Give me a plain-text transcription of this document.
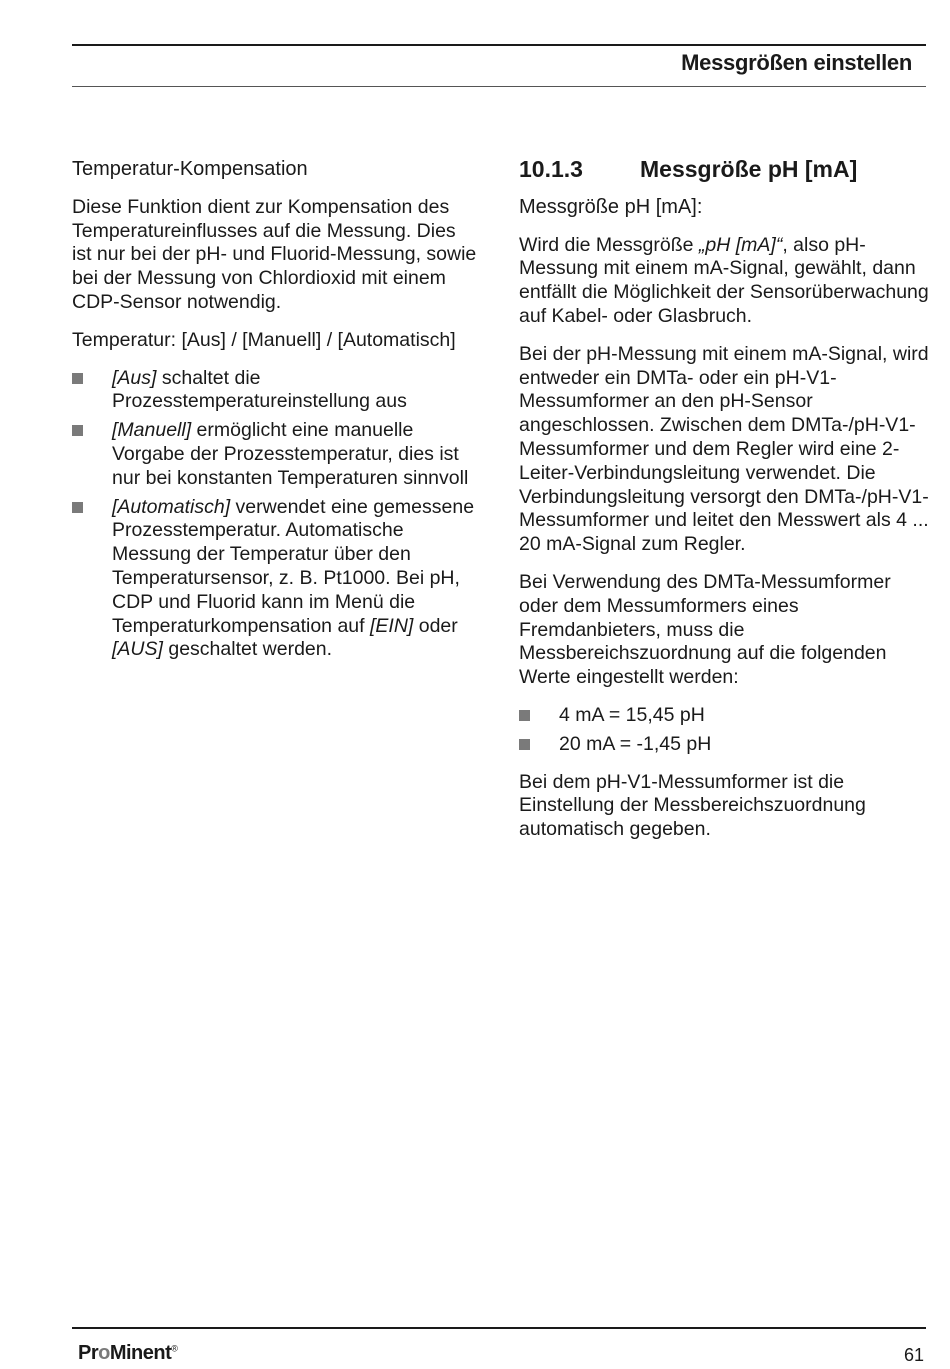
Messgrößen einstellen
Temperatur-Kompensation

Diese Funktion dient zur Kompensation des Temperatureinflusses auf die Messung. Dies ist nur bei der pH- und Fluorid-Messung, sowie bei der Messung von Chlordioxid mit einem CDP-Sensor notwendig.

Temperatur: [Aus] / [Manuell] / [Automatisch]

[Aus] schaltet die Prozesstemperatureinstellung aus
[Manuell] ermöglicht eine manuelle Vorgabe der Prozesstemperatur, dies ist nur bei konstanten Temperaturen sinnvoll
[Automatisch] verwendet eine gemessene Prozesstemperatur. Automatische Messung der Temperatur über den Temperatursensor, z. B. Pt1000. Bei pH, CDP und Fluorid kann im Menü die Temperaturkompensation auf [EIN] oder [AUS] geschaltet werden.
10.1.3	Messgröße pH [mA]
Messgröße pH [mA]:

Wird die Messgröße „pH [mA]“, also pH-Messung mit einem mA-Signal, gewählt, dann entfällt die Möglichkeit der Sensorüberwachung auf Kabel- oder Glasbruch.

Bei der pH-Messung mit einem mA-Signal, wird entweder ein DMTa- oder ein pH-V1-Messumformer an den pH-Sensor angeschlossen. Zwischen dem DMTa-/pH-V1-Messumformer und dem Regler wird eine 2-Leiter-Verbindungsleitung verwendet. Die Verbindungsleitung versorgt den DMTa-/pH-V1-Messumformer und leitet den Messwert als 4 ... 20 mA-Signal zum Regler.

Bei Verwendung des DMTa-Messumformer oder dem Messumformers eines Fremdanbieters, muss die Messbereichszuordnung auf die folgenden Werte eingestellt werden:

4 mA = 15,45 pH
20 mA = -1,45 pH

Bei dem pH-V1-Messumformer ist die Einstellung der Messbereichszuordnung automatisch gegeben.

ProMinent®	61
